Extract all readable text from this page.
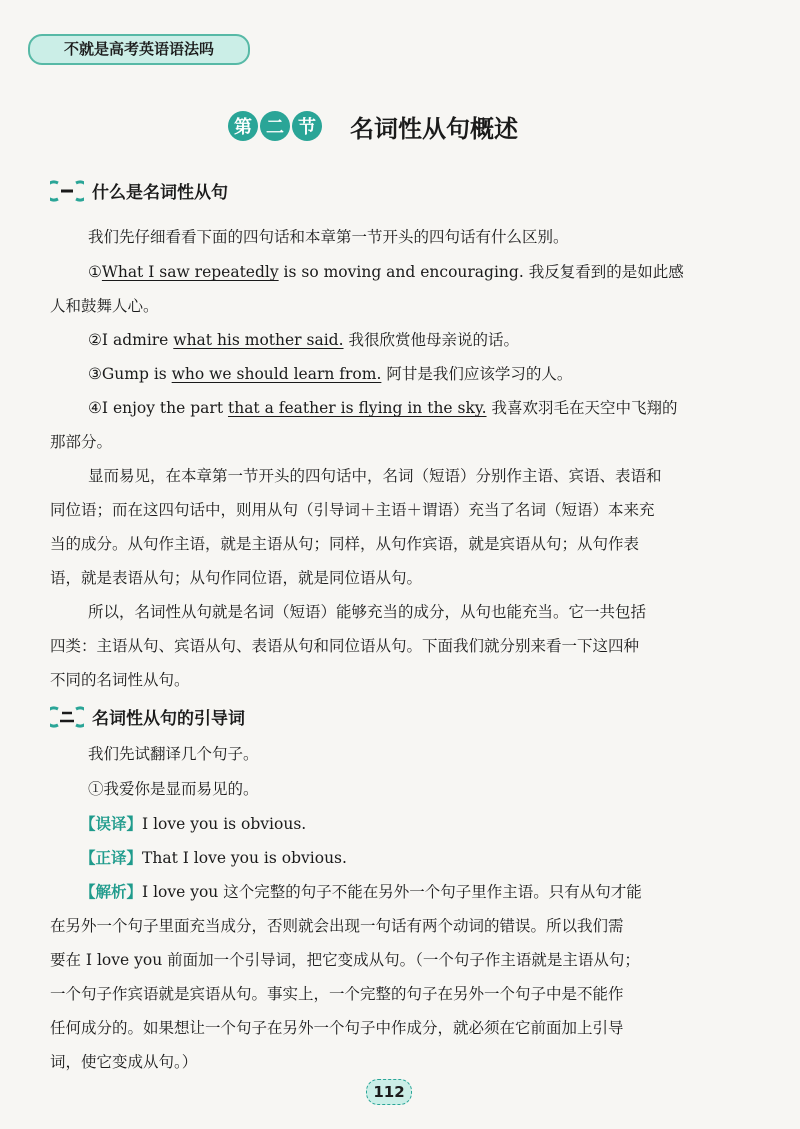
不就是高考英语语法吗
第 二 节 名词性从句概述
什么是名词性从句
我们先仔细看看下面的四句话和本章第一节开头的四句话有什么区别。
①What I saw repeatedly is so moving and encouraging. 我反复看到的是如此感
人和鼓舞人心。
②I admire what his mother said. 我很欣赏他母亲说的话。
③Gump is who we should learn from. 阿甘是我们应该学习的人。
④I enjoy the part that a feather is flying in the sky. 我喜欢羽毛在天空中飞翔的
那部分。
显而易见，在本章第一节开头的四句话中，名词（短语）分别作主语、宾语、表语和
同位语；而在这四句话中，则用从句（引导词＋主语＋谓语）充当了名词（短语）本来充
当的成分。从句作主语，就是主语从句；同样，从句作宾语，就是宾语从句；从句作表
语，就是表语从句；从句作同位语，就是同位语从句。
所以，名词性从句就是名词（短语）能够充当的成分，从句也能充当。它一共包括
四类：主语从句、宾语从句、表语从句和同位语从句。下面我们就分别来看一下这四种
不同的名词性从句。
名词性从句的引导词
我们先试翻译几个句子。
①我爱你是显而易见的。
【误译】I love you is obvious.
【正译】That I love you is obvious.
【解析】I love you 这个完整的句子不能在另外一个句子里作主语。只有从句才能
在另外一个句子里面充当成分，否则就会出现一句话有两个动词的错误。所以我们需
要在 I love you 前面加一个引导词，把它变成从句。（一个句子作主语就是主语从句；
一个句子作宾语就是宾语从句。事实上，一个完整的句子在另外一个句子中是不能作
任何成分的。如果想让一个句子在另外一个句子中作成分，就必须在它前面加上引导
词，使它变成从句。）
112
